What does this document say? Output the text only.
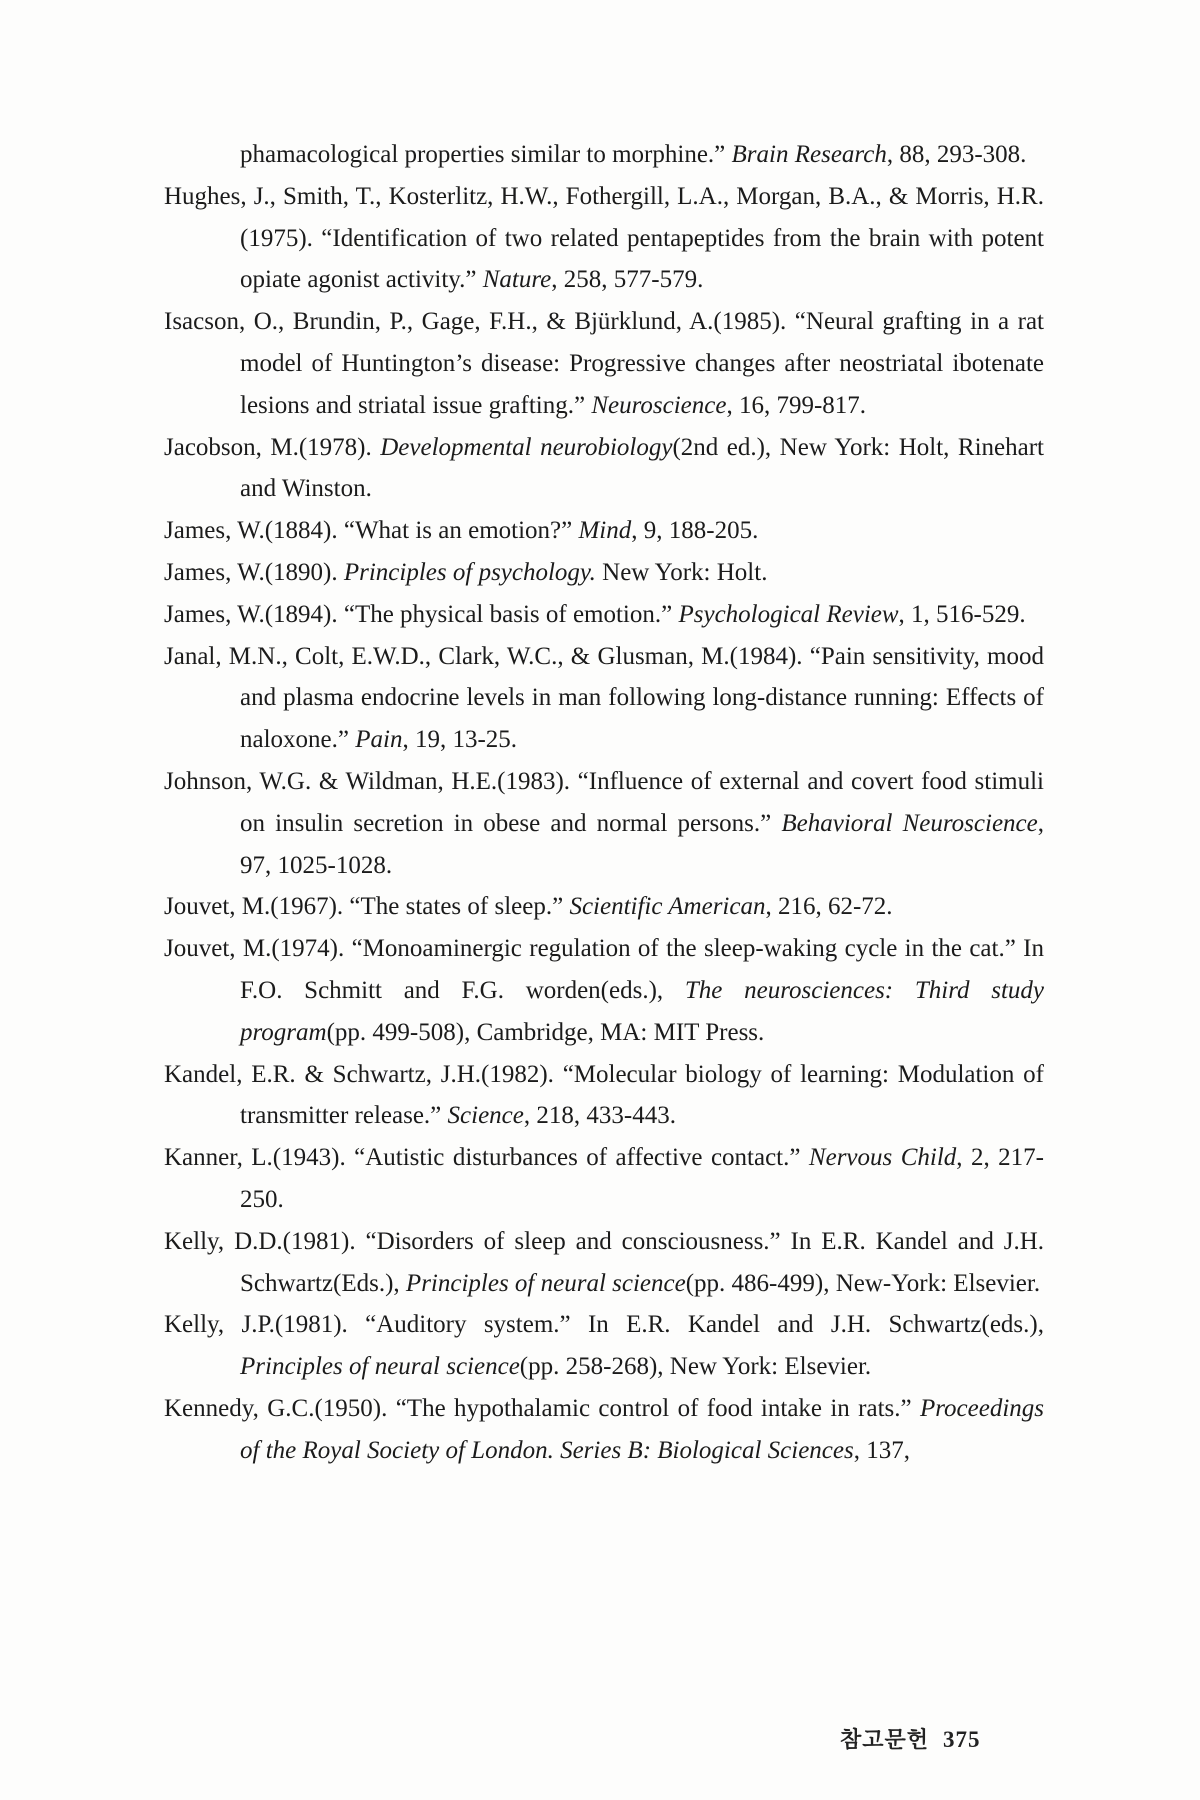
phamacological properties similar to morphine.” Brain Research, 88, 293-308.

Hughes, J., Smith, T., Kosterlitz, H.W., Fothergill, L.A., Morgan, B.A., & Morris, H.R.(1975). “Identification of two related pentapeptides from the brain with potent opiate agonist activity.” Nature, 258, 577-579.

Isacson, O., Brundin, P., Gage, F.H., & Bjürklund, A.(1985). “Neural grafting in a rat model of Huntington’s disease: Progressive changes after neostriatal ibotenate lesions and striatal issue grafting.” Neuroscience, 16, 799-817.

Jacobson, M.(1978). Developmental neurobiology(2nd ed.), New York: Holt, Rinehart and Winston.

James, W.(1884). “What is an emotion?” Mind, 9, 188-205.

James, W.(1890). Principles of psychology. New York: Holt.

James, W.(1894). “The physical basis of emotion.” Psychological Review, 1, 516-529.

Janal, M.N., Colt, E.W.D., Clark, W.C., & Glusman, M.(1984). “Pain sensitivity, mood and plasma endocrine levels in man following long-distance running: Effects of naloxone.” Pain, 19, 13-25.

Johnson, W.G. & Wildman, H.E.(1983). “Influence of external and covert food stimuli on insulin secretion in obese and normal persons.” Behavioral Neuroscience, 97, 1025-1028.

Jouvet, M.(1967). “The states of sleep.” Scientific American, 216, 62-72.

Jouvet, M.(1974). “Monoaminergic regulation of the sleep-waking cycle in the cat.” In F.O. Schmitt and F.G. worden(eds.), The neurosciences: Third study program(pp. 499-508), Cambridge, MA: MIT Press.

Kandel, E.R. & Schwartz, J.H.(1982). “Molecular biology of learning: Modulation of transmitter release.” Science, 218, 433-443.

Kanner, L.(1943). “Autistic disturbances of affective contact.” Nervous Child, 2, 217-250.

Kelly, D.D.(1981). “Disorders of sleep and consciousness.” In E.R. Kandel and J.H. Schwartz(Eds.), Principles of neural science(pp. 486-499), New-York: Elsevier.

Kelly, J.P.(1981). “Auditory system.” In E.R. Kandel and J.H. Schwartz(eds.), Principles of neural science(pp. 258-268), New York: Elsevier.

Kennedy, G.C.(1950). “The hypothalamic control of food intake in rats.” Proceedings of the Royal Society of London. Series B: Biological Sciences, 137,

참고문헌 375
